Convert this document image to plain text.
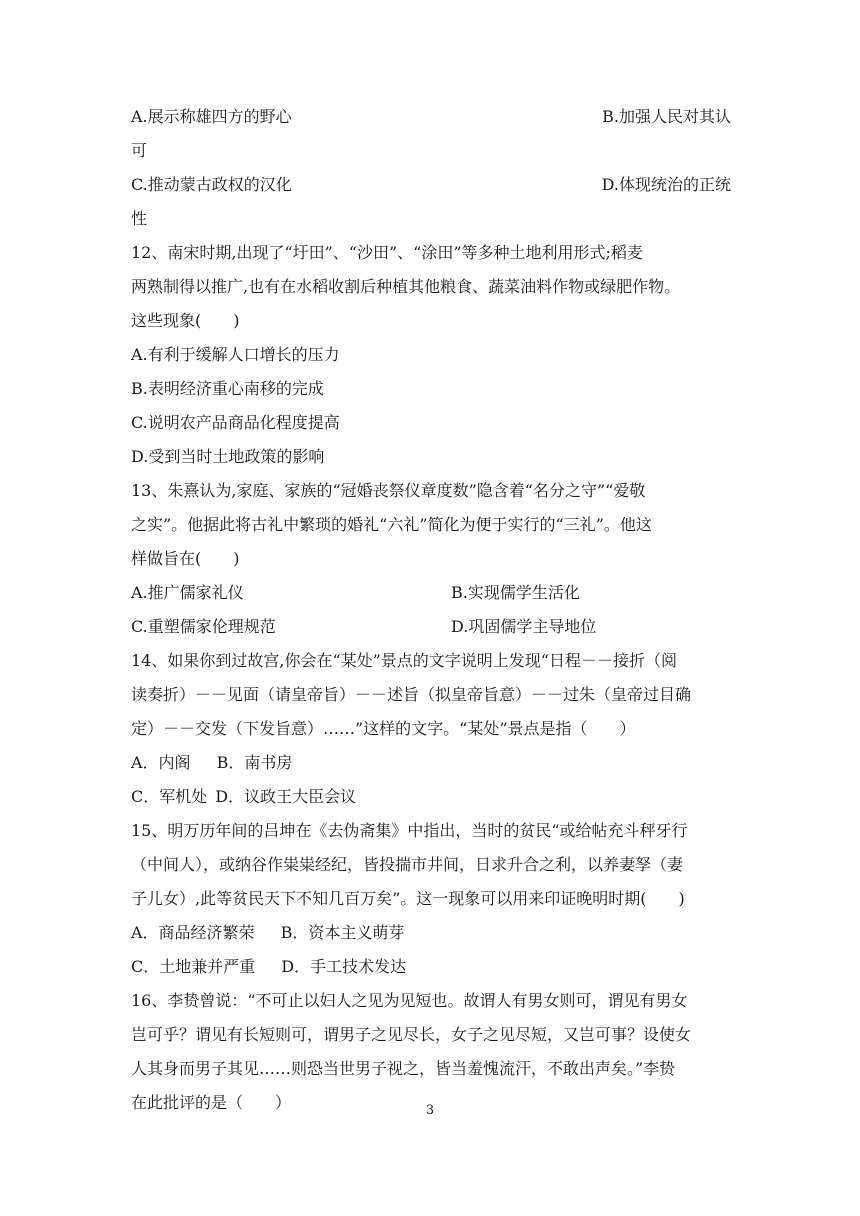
A.展示称雄四方的野心	B.加强人民对其认
可
C.推动蒙古政权的汉化	D.体现统治的正统
性
12、南宋时期,出现了“圩田”、“沙田”、“涂田”等多种土地利用形式;稻麦
两熟制得以推广,也有在水稻收割后种植其他粮食、蔬菜油料作物或绿肥作物。
这些现象(　　)
A.有利于缓解人口增长的压力
B.表明经济重心南移的完成
C.说明农产品商品化程度提高
D.受到当时土地政策的影响
13、朱熹认为,家庭、家族的“冠婚丧祭仪章度数”隐含着“名分之守”“爱敬
之实”。他据此将古礼中繁琐的婚礼“六礼”简化为便于实行的“三礼”。他这
样做旨在(　　)
A.推广儒家礼仪	B.实现儒学生活化
C.重塑儒家伦理规范	D.巩固儒学主导地位
14、如果你到过故宫,你会在“某处”景点的文字说明上发现“日程－－接折（阅
读奏折）－－见面（请皇帝旨）－－述旨（拟皇帝旨意）－－过朱（皇帝过目确
定）－－交发（下发旨意）……”这样的文字。“某处”景点是指（　　）
A．内阁 B．南书房
C．军机处  D．议政王大臣会议
15、明万历年间的吕坤在《去伪斋集》中指出，当时的贫民“或给帖充斗秤牙行
（中间人），或纳谷作粜粜经纪，皆投揣市井间，日求升合之利，以养妻孥（妻
子儿女）,此等贫民天下不知几百万矣”。这一现象可以用来印证晚明时期(　　)
A．商品经济繁荣 B．资本主义萌芽
C．土地兼并严重 D．手工技术发达
16、李贽曾说：“不可止以妇人之见为见短也。故谓人有男女则可，谓见有男女
岂可乎？谓见有长短则可，谓男子之见尽长，女子之见尽短，又岂可事？设使女
人其身而男子其见……则恐当世男子视之，皆当羞愧流汗，不敢出声矣。”李贽
在此批评的是（　　）	3
